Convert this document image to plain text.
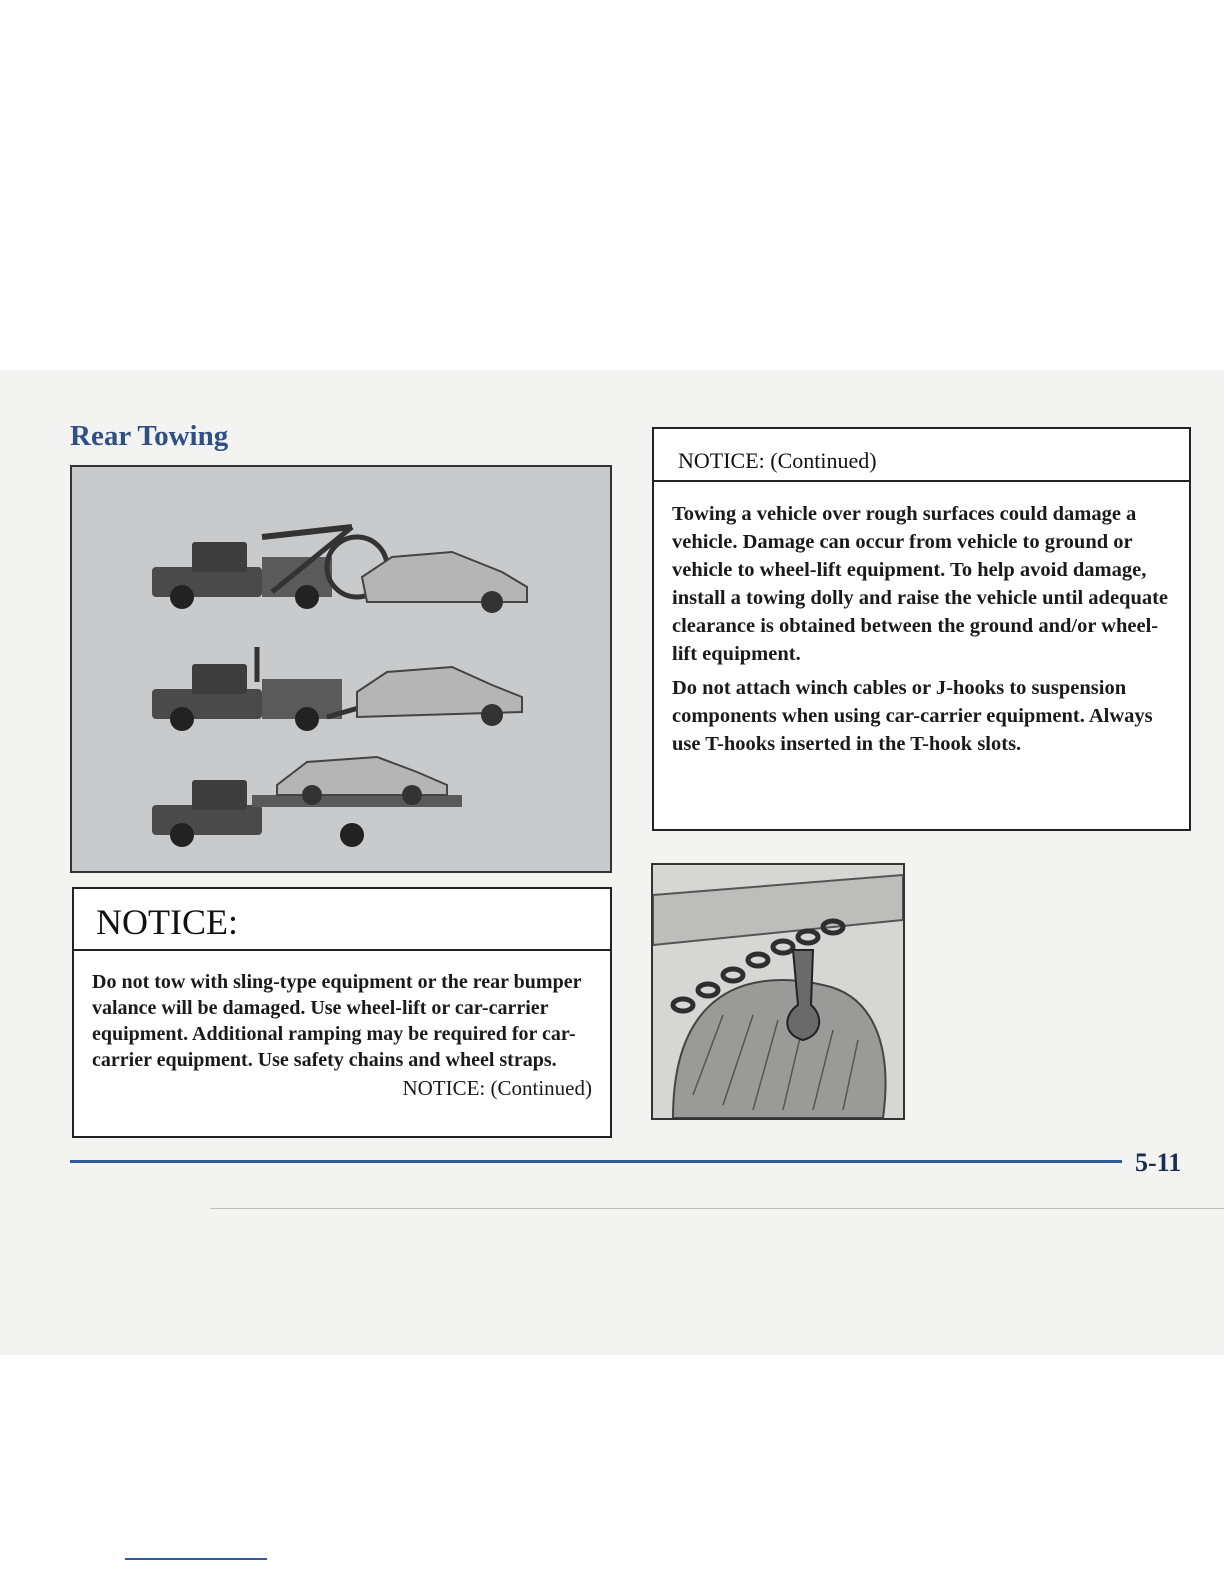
Rear Towing
NOTICE:
Do not tow with sling-type equipment or the rear bumper valance will be damaged. Use wheel-lift or car-carrier equipment. Additional ramping may be required for car-carrier equipment. Use safety chains and wheel straps.
NOTICE: (Continued)
NOTICE: (Continued)

Towing a vehicle over rough surfaces could damage a vehicle. Damage can occur from vehicle to ground or vehicle to wheel-lift equipment. To help avoid damage, install a towing dolly and raise the vehicle until adequate clearance is obtained between the ground and/or wheel-lift equipment.

Do not attach winch cables or J-hooks to suspension components when using car-carrier equipment. Always use T-hooks inserted in the T-hook slots.

5-11
